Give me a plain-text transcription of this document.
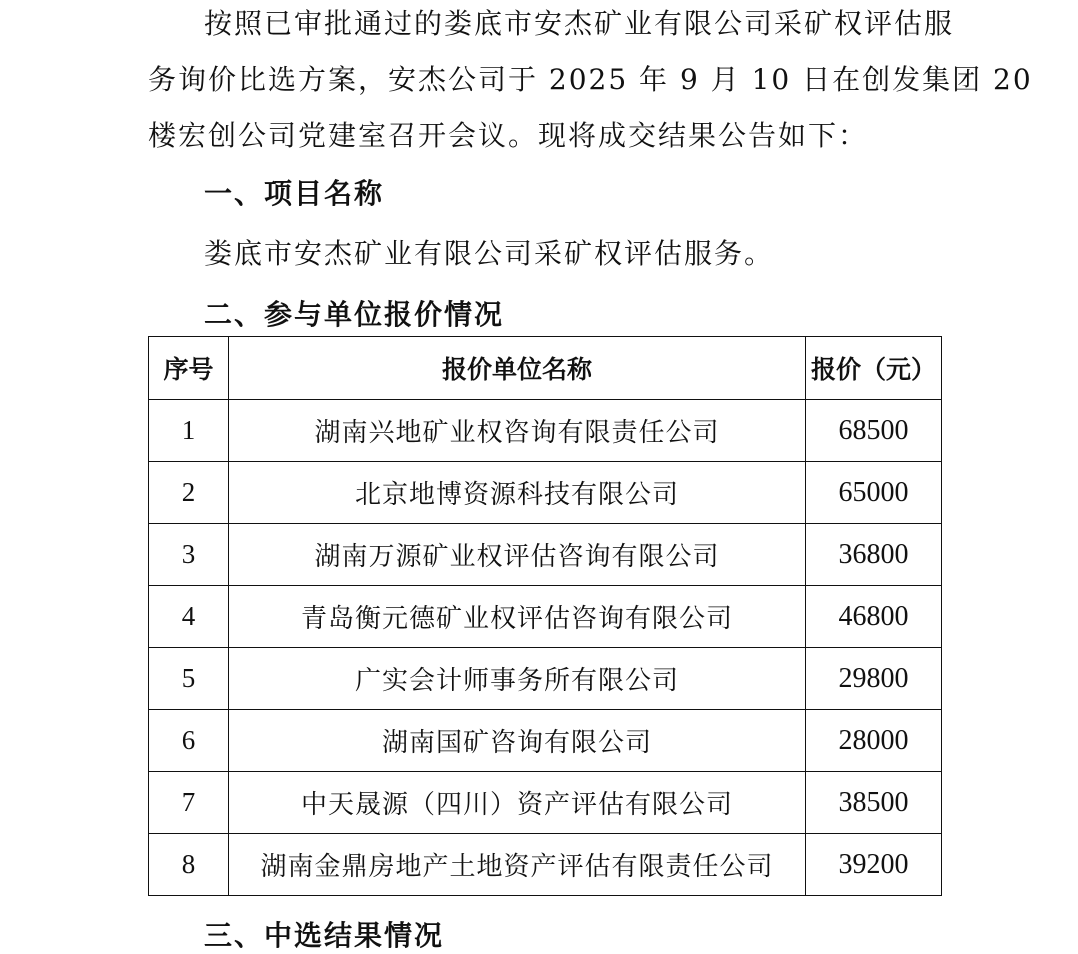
按照已审批通过的娄底市安杰矿业有限公司采矿权评估服
务询价比选方案，安杰公司于 2025 年 9 月 10 日在创发集团 20
楼宏创公司党建室召开会议。现将成交结果公告如下：
一、项目名称
娄底市安杰矿业有限公司采矿权评估服务。
二、参与单位报价情况
序号	报价单位名称	报价（元）
1	湖南兴地矿业权咨询有限责任公司	68500
2	北京地博资源科技有限公司	65000
3	湖南万源矿业权评估咨询有限公司	36800
4	青岛衡元德矿业权评估咨询有限公司	46800
5	广实会计师事务所有限公司	29800
6	湖南国矿咨询有限公司	28000
7	中天晟源（四川）资产评估有限公司	38500
8	湖南金鼎房地产土地资产评估有限责任公司	39200
三、中选结果情况
